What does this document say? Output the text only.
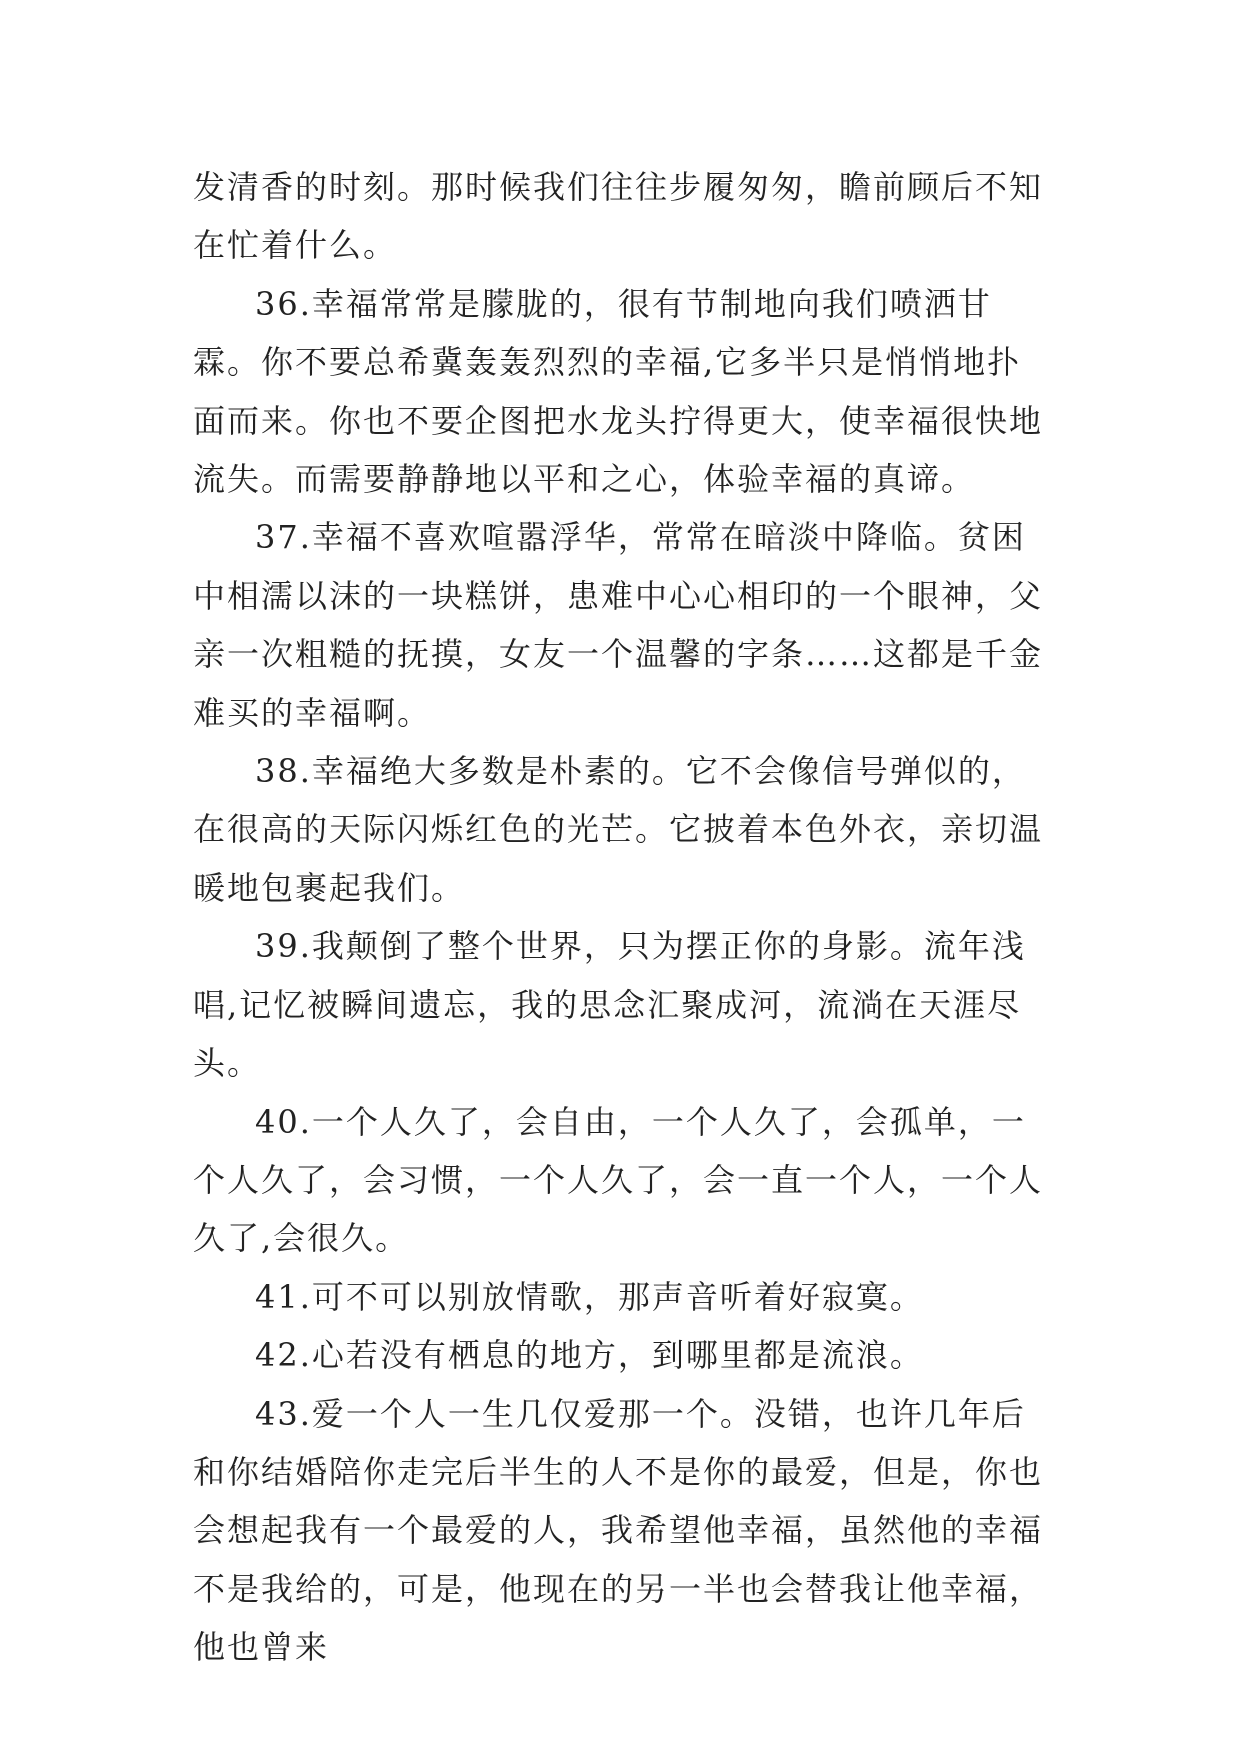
发清香的时刻。那时候我们往往步履匆匆，瞻前顾后不知在忙着什么。

36.幸福常常是朦胧的，很有节制地向我们喷洒甘霖。你不要总希冀轰轰烈烈的幸福,它多半只是悄悄地扑面而来。你也不要企图把水龙头拧得更大，使幸福很快地流失。而需要静静地以平和之心，体验幸福的真谛。

37.幸福不喜欢喧嚣浮华，常常在暗淡中降临。贫困中相濡以沫的一块糕饼，患难中心心相印的一个眼神，父亲一次粗糙的抚摸，女友一个温馨的字条……这都是千金难买的幸福啊。

38.幸福绝大多数是朴素的。它不会像信号弹似的，在很高的天际闪烁红色的光芒。它披着本色外衣，亲切温暖地包裹起我们。

39.我颠倒了整个世界，只为摆正你的身影。流年浅唱,记忆被瞬间遗忘，我的思念汇聚成河，流淌在天涯尽头。

40.一个人久了，会自由，一个人久了，会孤单，一个人久了，会习惯，一个人久了，会一直一个人，一个人久了,会很久。

41.可不可以别放情歌，那声音听着好寂寞。

42.心若没有栖息的地方，到哪里都是流浪。

43.爱一个人一生几仅爱那一个。没错，也许几年后和你结婚陪你走完后半生的人不是你的最爱，但是，你也会想起我有一个最爱的人，我希望他幸福，虽然他的幸福不是我给的，可是，他现在的另一半也会替我让他幸福，他也曾来
